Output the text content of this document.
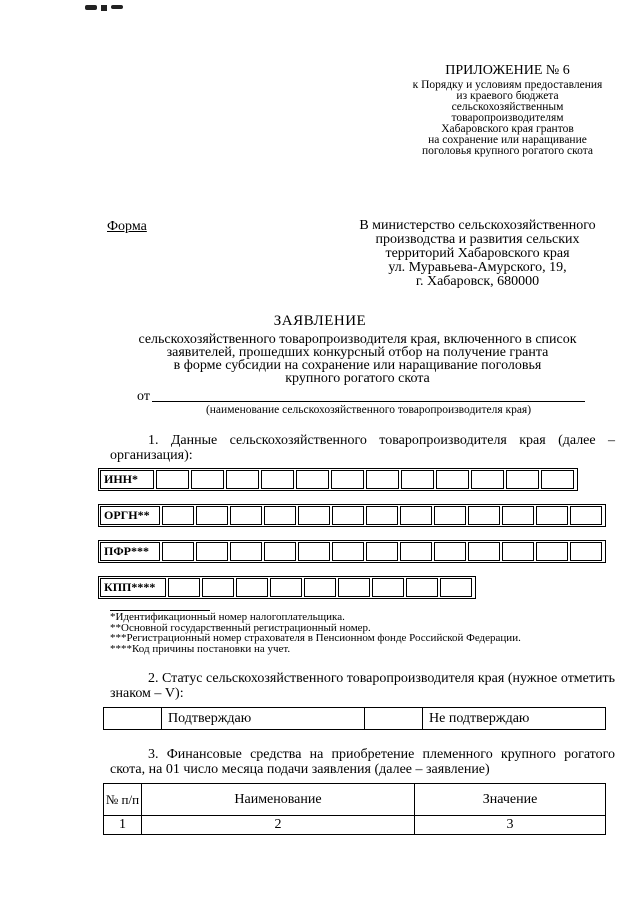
ПРИЛОЖЕНИЕ № 6
к Порядку и условиям предоставления
из краевого бюджета
сельскохозяйственным
товаропроизводителям
Хабаровского края грантов
на сохранение или наращивание
поголовья крупного рогатого скота
Форма	В министерство сельскохозяйственного
производства и развития сельских
территорий Хабаровского края
ул. Муравьева-Амурского, 19,
г. Хабаровск, 680000
ЗАЯВЛЕНИЕ
сельскохозяйственного товаропроизводителя края, включенного в список
заявителей, прошедших конкурсный отбор на получение гранта
в форме субсидии на сохранение или наращивание поголовья
крупного рогатого скота
от
(наименование сельскохозяйственного товаропроизводителя края)
1. Данные сельскохозяйственного товаропроизводителя края (далее – организация):
ИНН*
ОРГН**
ПФР***
КПП****
*Идентификационный номер налогоплательщика.
**Основной государственный регистрационный номер.
***Регистрационный номер страхователя в Пенсионном фонде Российской Федерации.
****Код причины постановки на учет.
2. Статус сельскохозяйственного товаропроизводителя края (нужное отметить знаком – V):
	Подтверждаю		Не подтверждаю
3. Финансовые средства на приобретение племенного крупного рогатого скота, на 01 число месяца подачи заявления (далее – заявление)
№ п/п	Наименование	Значение
1	2	3
